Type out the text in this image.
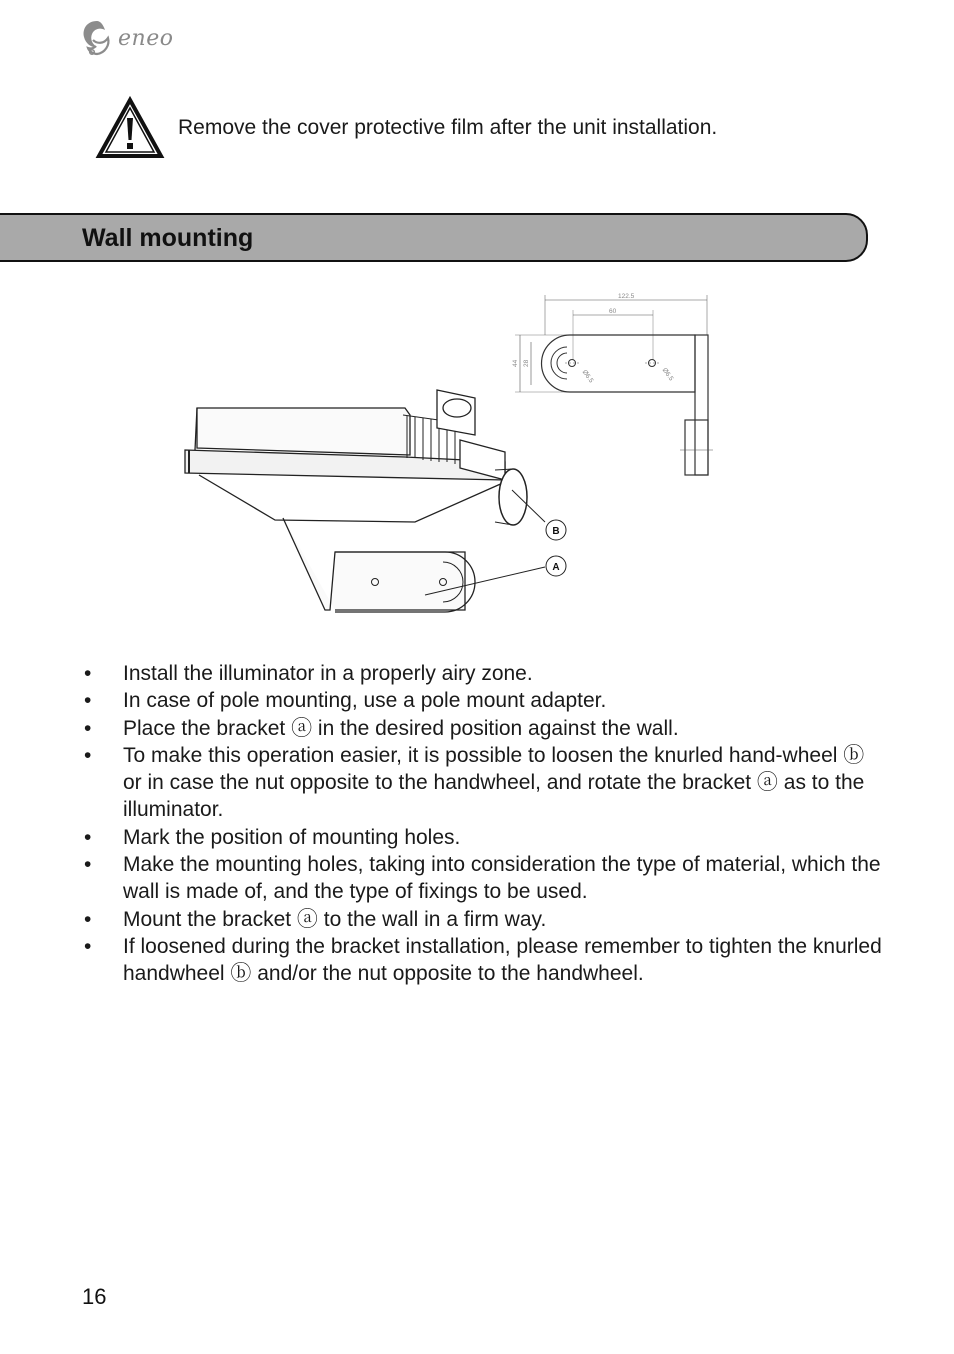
eneo
Remove the cover protective film after the unit installation.
Wall mounting
122.5
60
44 28
Ø6.5	Ø6.5
B
A
• Install the illuminator in a properly airy zone.
• In case of pole mounting, use a pole mount adapter.
• Place the bracket ⓐ in the desired position against the wall.
• To make this operation easier, it is possible to loosen the knurled hand-wheel ⓑ or in case the nut opposite to the handwheel, and rotate the bracket ⓐ as to the illuminator.
• Mark the position of mounting holes.
• Make the mounting holes, taking into consideration the type of material, which the wall is made of, and the type of fixings to be used.
• Mount the bracket ⓐ to the wall in a firm way.
• If loosened during the bracket installation, please remember to tighten the knurled handwheel ⓑ and/or the nut opposite to the handwheel.
16
